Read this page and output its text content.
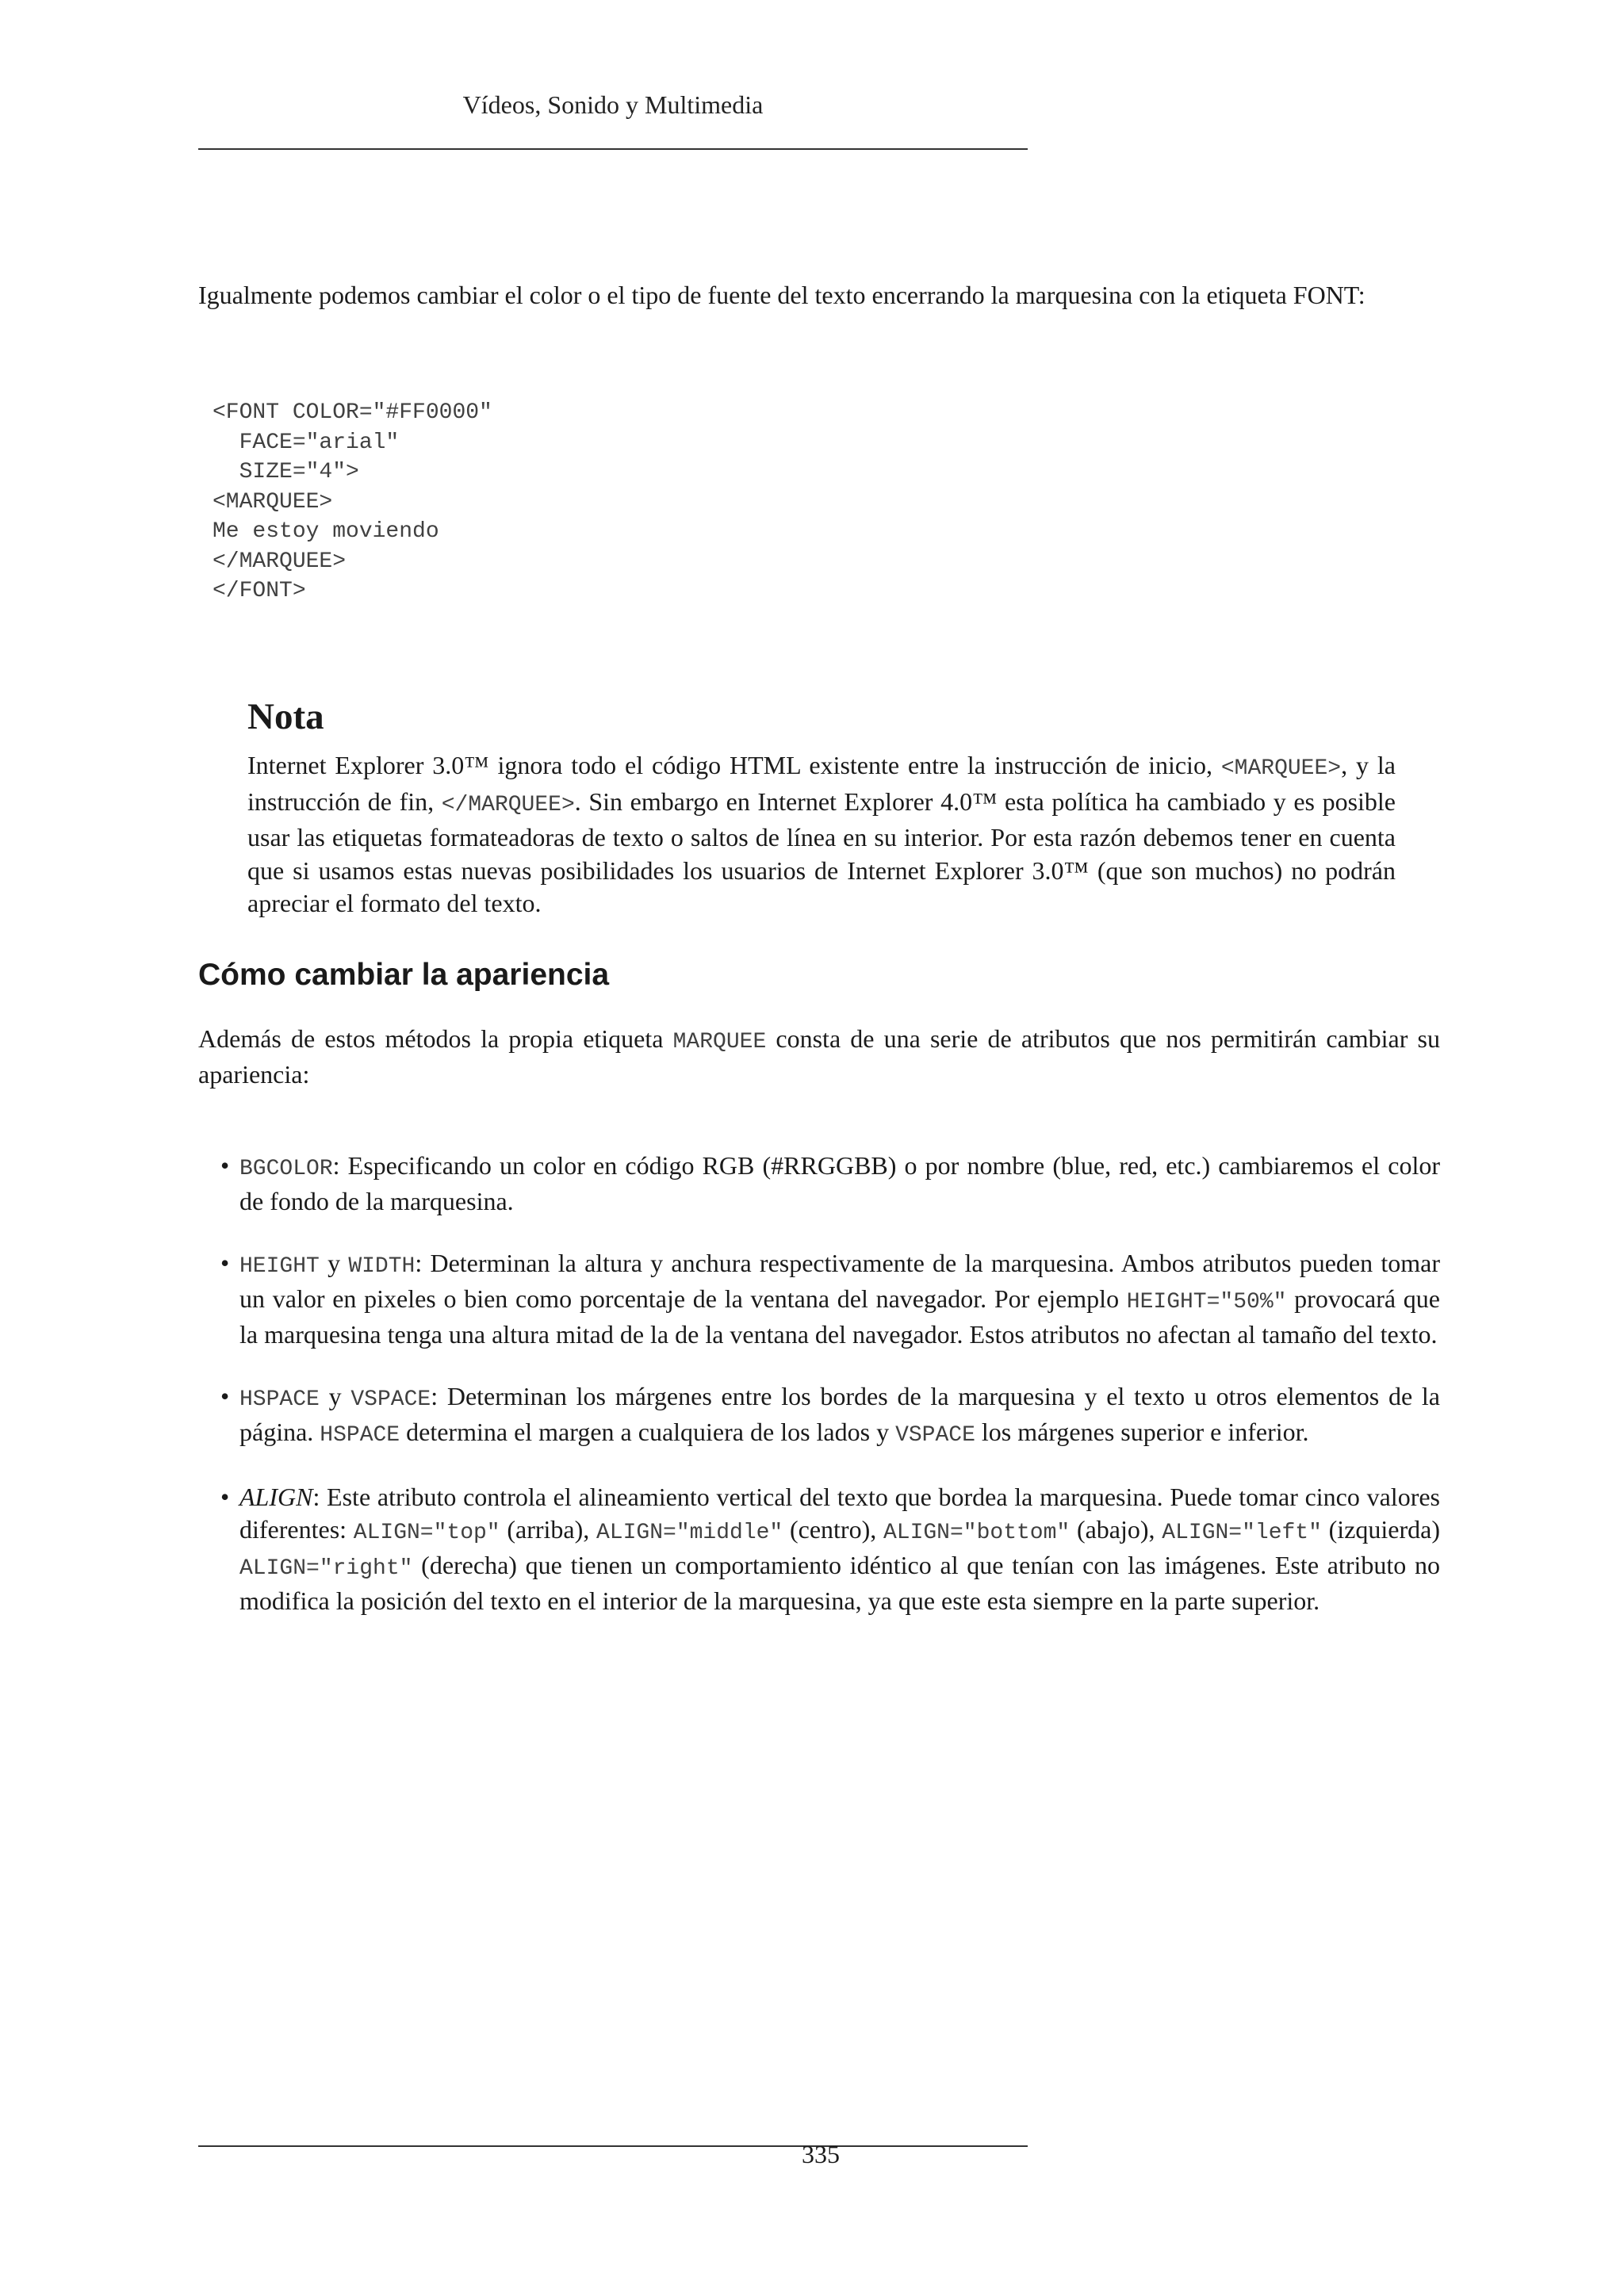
Vídeos, Sonido y Multimedia

Igualmente podemos cambiar el color o el tipo de fuente del texto encerrando la marquesina con la etiqueta FONT:

<FONT COLOR="#FF0000"
FACE="arial"
SIZE="4">
<MARQUEE>
Me estoy moviendo
</MARQUEE>
</FONT>
Nota

Internet Explorer 3.0™ ignora todo el código HTML existente entre la instrucción de inicio, <MARQUEE>, y la instrucción de fin, </MARQUEE>. Sin embargo en Internet Explorer 4.0™ esta política ha cambiado y es posible usar las etiquetas formateadoras de texto o saltos de línea en su interior. Por esta razón debemos tener en cuenta que si usamos estas nuevas posibilidades los usuarios de Internet Explorer 3.0™ (que son muchos) no podrán apreciar el formato del texto.

Cómo cambiar la apariencia

Además de estos métodos la propia etiqueta MARQUEE consta de una serie de atributos que nos permitirán cambiar su apariencia:

• BGCOLOR: Especificando un color en código RGB (#RRGGBB) o por nombre (blue, red, etc.) cambiaremos el color de fondo de la marquesina.
• HEIGHT y WIDTH: Determinan la altura y anchura respectivamente de la marquesina. Ambos atributos pueden tomar un valor en pixeles o bien como porcentaje de la ventana del navegador. Por ejemplo HEIGHT="50%" provocará que la marquesina tenga una altura mitad de la de la ventana del navegador. Estos atributos no afectan al tamaño del texto.
• HSPACE y VSPACE: Determinan los márgenes entre los bordes de la marquesina y el texto u otros elementos de la página. HSPACE determina el margen a cualquiera de los lados y VSPACE los márgenes superior e inferior.
• ALIGN: Este atributo controla el alineamiento vertical del texto que bordea la marquesina. Puede tomar cinco valores diferentes: ALIGN="top" (arriba), ALIGN="middle" (centro), ALIGN="bottom" (abajo), ALIGN="left" (izquierda) ALIGN="right" (derecha) que tienen un comportamiento idéntico al que tenían con las imágenes. Este atributo no modifica la posición del texto en el interior de la marquesina, ya que este esta siempre en la parte superior.
335
